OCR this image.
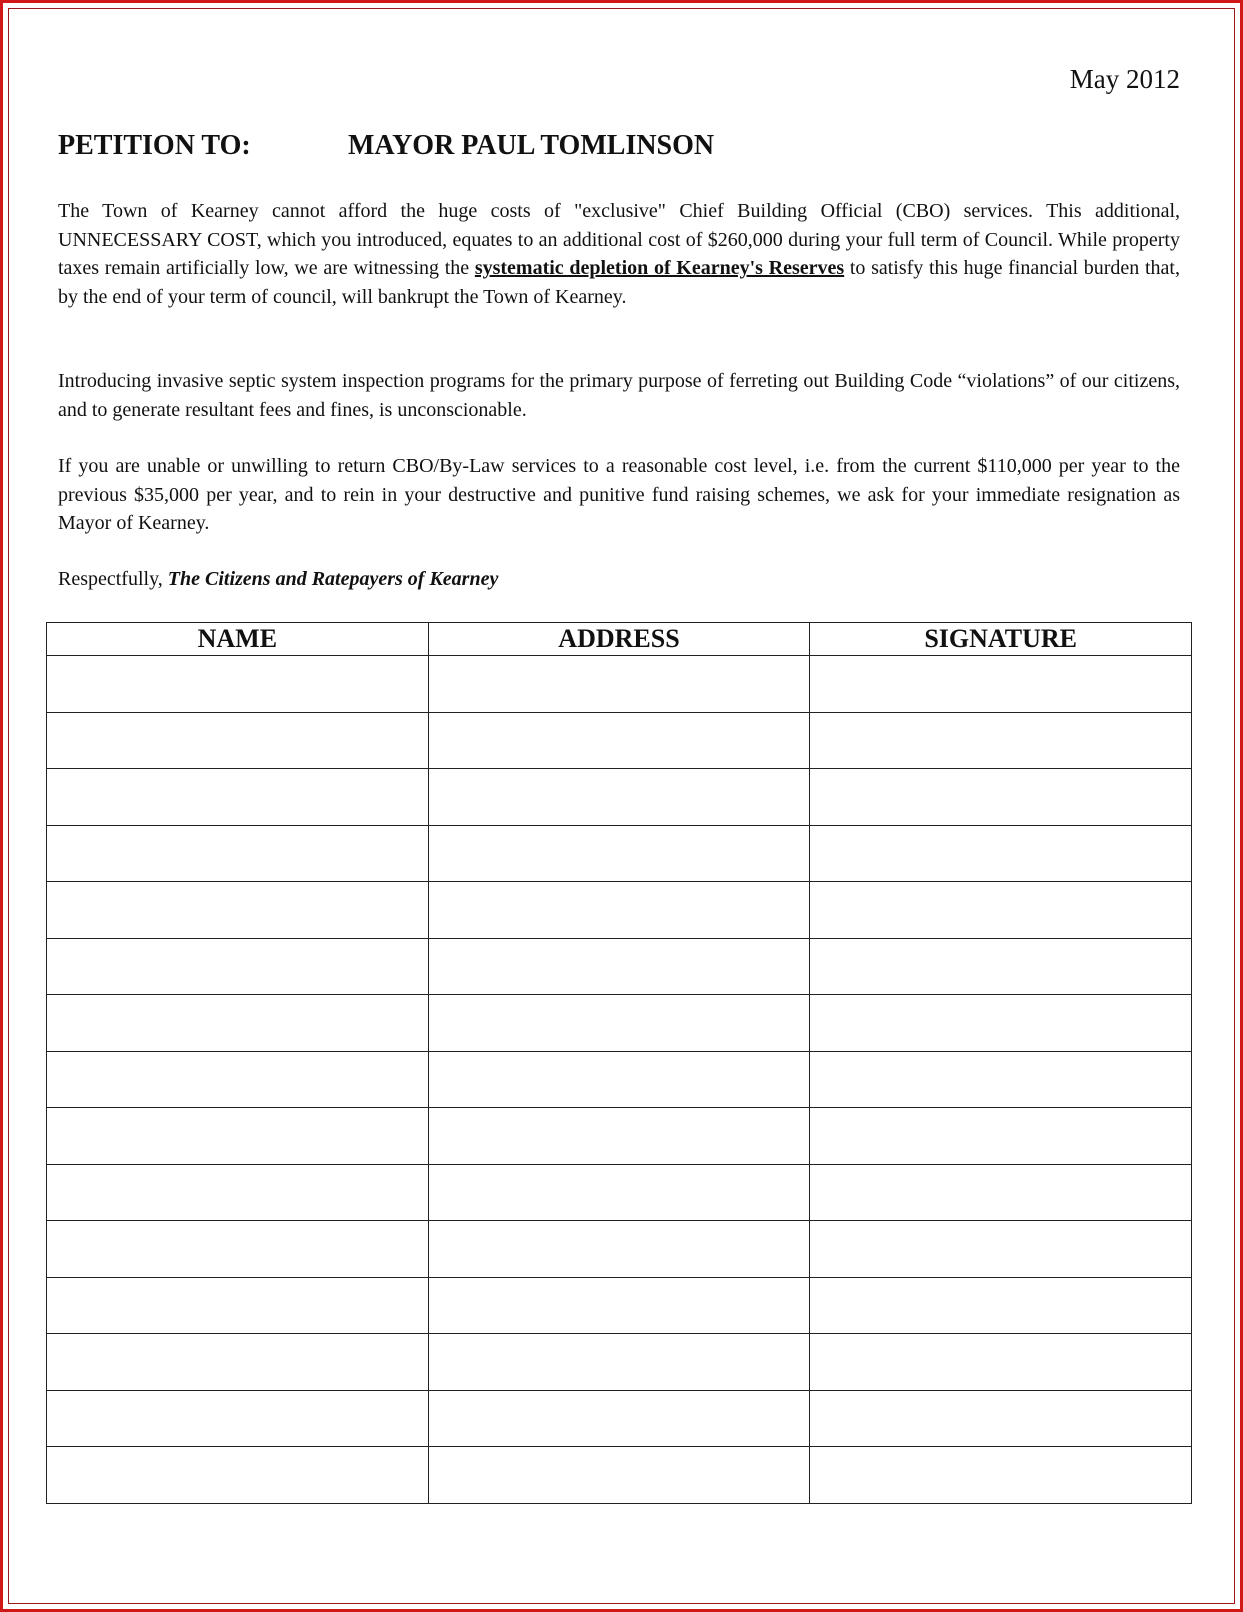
May 2012
PETITION TO:	MAYOR PAUL TOMLINSON
The Town of Kearney cannot afford the huge costs of "exclusive" Chief Building Official (CBO) services. This additional, UNNECESSARY COST, which you introduced, equates to an additional cost of $260,000 during your full term of Council. While property taxes remain artificially low, we are witnessing the systematic depletion of Kearney's Reserves to satisfy this huge financial burden that, by the end of your term of council, will bankrupt the Town of Kearney.
Introducing invasive septic system inspection programs for the primary purpose of ferreting out Building Code “violations” of our citizens, and to generate resultant fees and fines, is unconscionable.
If you are unable or unwilling to return CBO/By-Law services to a reasonable cost level, i.e. from the current $110,000 per year to the previous $35,000 per year, and to rein in your destructive and punitive fund raising schemes, we ask for your immediate resignation as Mayor of Kearney.
Respectfully, The Citizens and Ratepayers of Kearney
NAME	ADDRESS	SIGNATURE
